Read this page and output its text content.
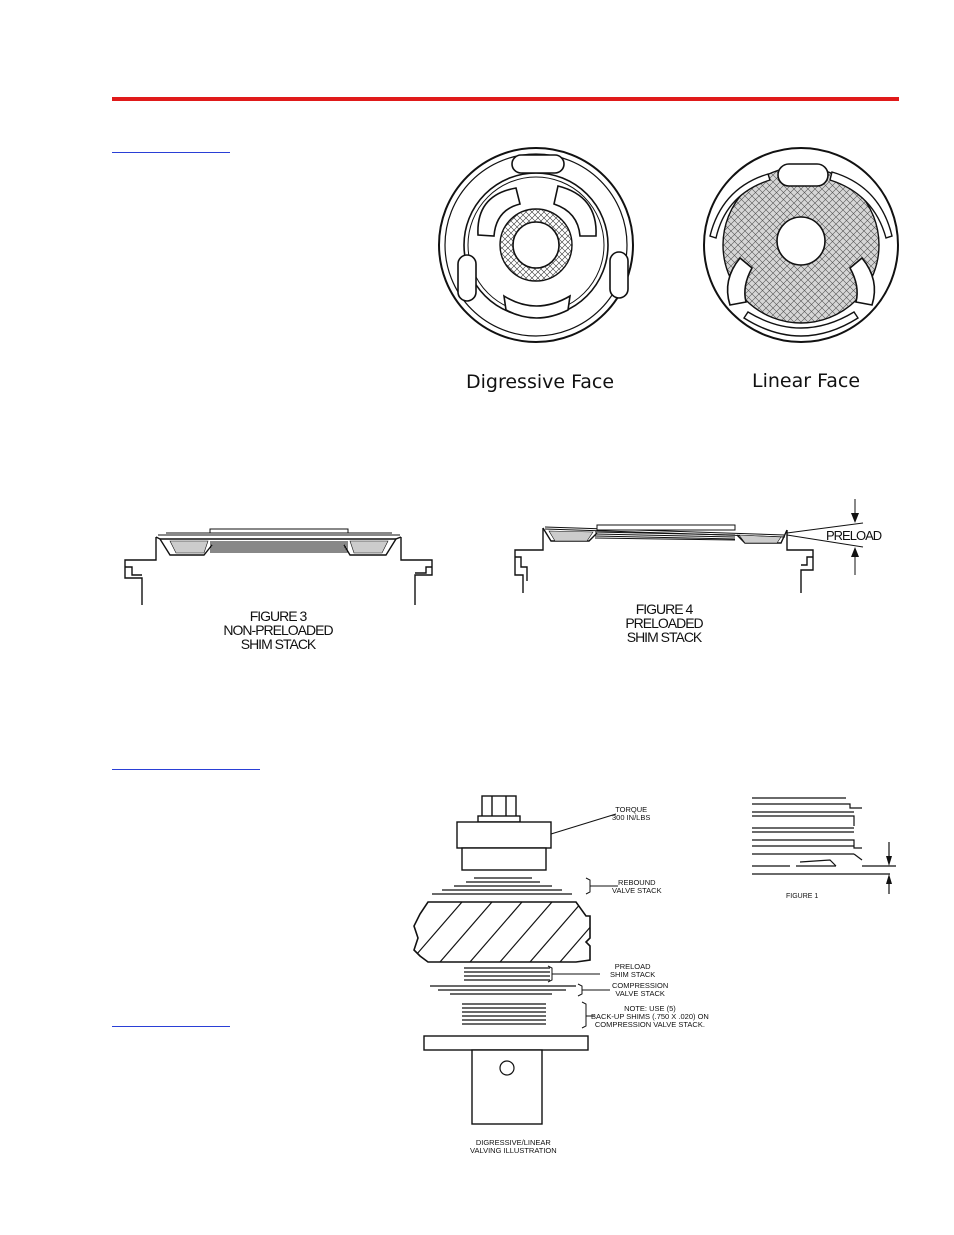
Digressive Face	Linear Face
FIGURE 3
NON-PRELOADED
SHIM STACK
PRELOAD
FIGURE 4
PRELOADED
SHIM STACK
TORQUE
300 IN/LBS
REBOUND
VALVE STACK
PRELOAD
SHIM STACK
COMPRESSION
VALVE STACK
NOTE: USE (5)
BACK-UP SHIMS (.750 X .020) ON
COMPRESSION VALVE STACK.
DIGRESSIVE/LINEAR
VALVING ILLUSTRATION
FIGURE 1
